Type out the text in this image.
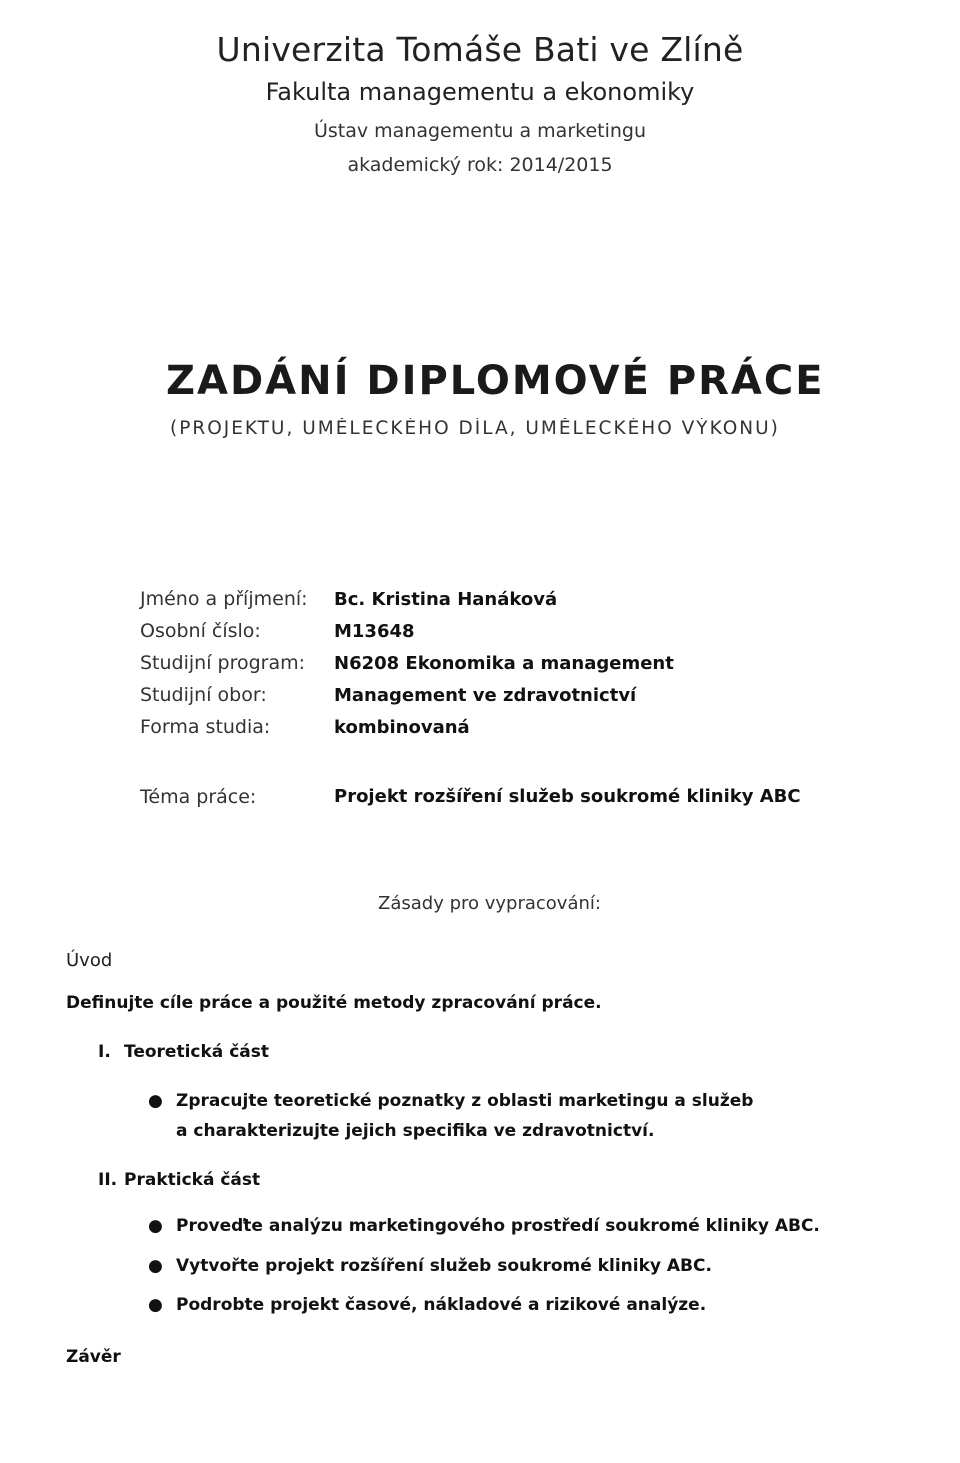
Univerzita Tomáše Bati ve Zlíně
Fakulta managementu a ekonomiky
Ústav managementu a marketingu
akademický rok: 2014/2015
ZADÁNÍ DIPLOMOVÉ PRÁCE
(PROJEKTU, UMĚLECKÉHO DÍLA, UMĚLECKÉHO VÝKONU)
Jméno a příjmení: Bc. Kristina Hanáková
Osobní číslo:	M13648
Studijní program: N6208 Ekonomika a management
Studijní obor:	Management ve zdravotnictví
Forma studia:	kombinovaná
Téma práce:	Projekt rozšíření služeb soukromé kliniky ABC
Zásady pro vypracování:
Úvod
Definujte cíle práce a použité metody zpracování práce.
I. Teoretická část
● Zpracujte teoretické poznatky z oblasti marketingu a služeb
a charakterizujte jejich specifika ve zdravotnictví.
II. Praktická část
● Proveďte analýzu marketingového prostředí soukromé kliniky ABC.
● Vytvořte projekt rozšíření služeb soukromé kliniky ABC.
● Podrobte projekt časové, nákladové a rizikové analýze.
Závěr
